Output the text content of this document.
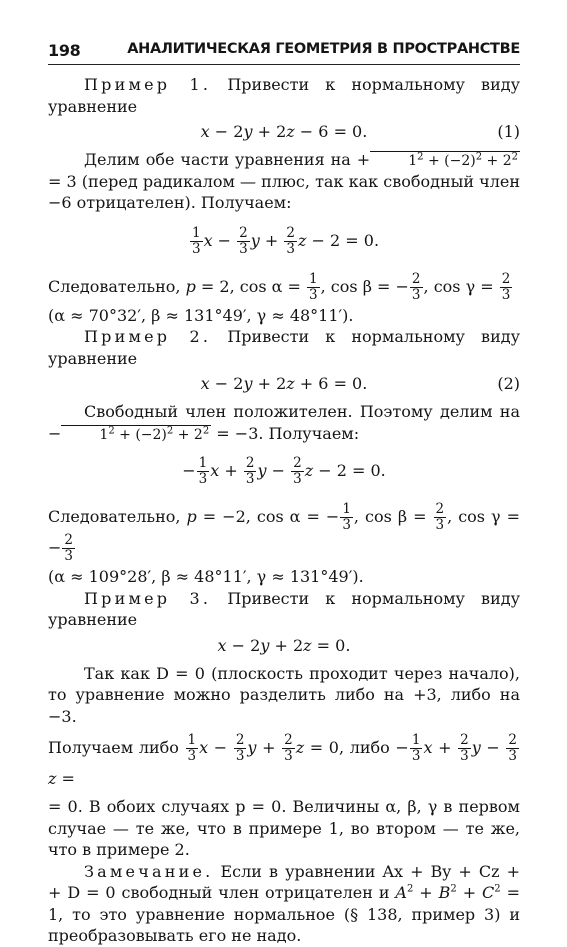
198	АНАЛИТИЧЕСКАЯ ГЕОМЕТРИЯ В ПРОСТРАНСТВЕ

Пример 1. Привести к нормальному виду уравнение

x − 2y + 2z − 6 = 0.	(1)

Делим обе части уравнения на +	$1^2 + (-2)^2 + 2^2 = 3$ (перед радикалом — плюс, так как свободный член −6 отрицателен). Получаем:

$\frac{1}{3}$ $x - \frac{2}{3}$ $y + \frac{2}{3}$ z − 2 = 0.

Следовательно, p = 2, $\cos \alpha = \frac{1}{3}$ , cos β = − $\frac{2}{3}$ , $\cos \gamma = \frac{2}{3}$

(α ≈ 70°32′, β ≈ 131°49′, γ ≈ 48°11′).

Пример 2. Привести к нормальному виду уравнение

x − 2y + 2z + 6 = 0.	(2)

Свободный член положителен. Поэтому делим на −	$1^2 + (-2)^2 + 2^2 = -3$. Получаем:

− $\frac{1}{3}$ $x + \frac{2}{3}$ $y - \frac{2}{3}$ z − 2 = 0.

Следовательно, p = −2, cos α = − $\frac{1}{3}$ , $\cos \beta = \frac{2}{3}$ , cos γ = − $\frac{2}{3}$

(α ≈ 109°28′, β ≈ 48°11′, γ ≈ 131°49′).

Пример 3. Привести к нормальному виду уравнение

x − 2y + 2z = 0.

Так как D = 0 (плоскость проходит через начало), то уравнение можно разделить либо на +3, либо на −3.

Получаем либо $\frac{1}{3}$ $x - \frac{2}{3}$ $y + \frac{2}{3}$ z = 0, либо − $\frac{1}{3}$ $x + \frac{2}{3}$ $y - \frac{2}{3}$
z =

= 0. В обоих случаях p = 0. Величины α, β, γ в первом случае — те же, что в примере 1, во втором — те же, что в примере 2.

Замечание. Если в уравнении Ax + By + Cz + + D = 0 свободный член отрицателен и $A^2 + B^2 + C^2 = 1$, то это уравнение нормальное (§ 138, пример 3) и преобразовывать его не надо.
